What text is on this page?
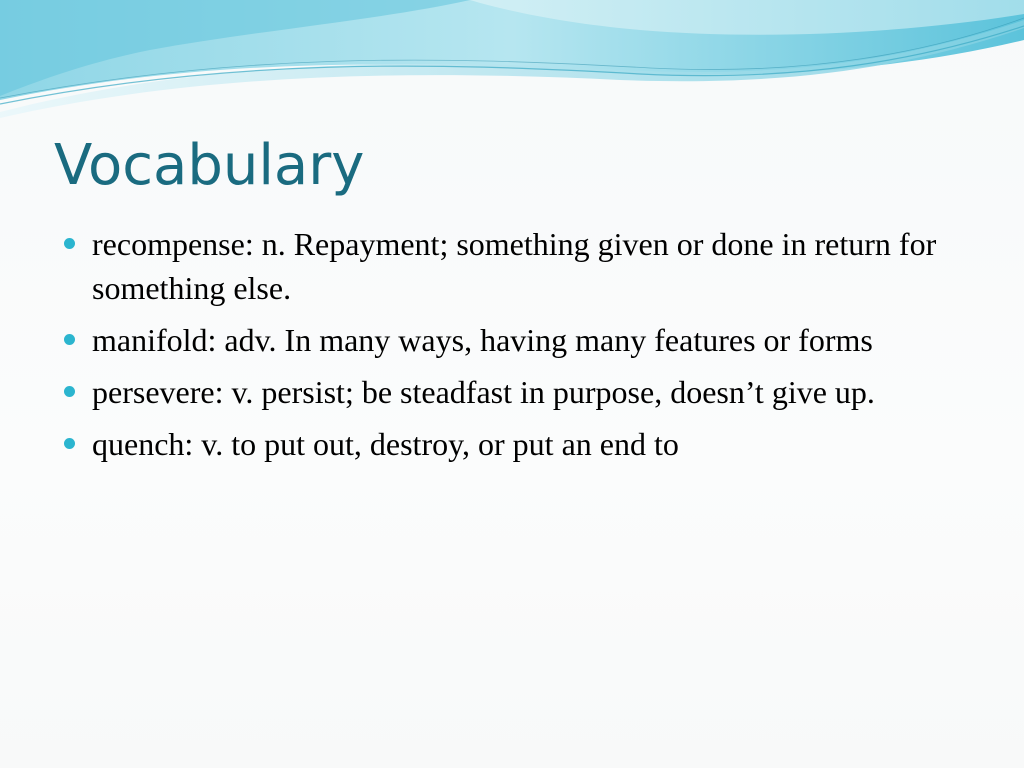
Vocabulary
recompense: n. Repayment; something given or done in return for something else.
manifold: adv. In many ways, having many features or forms
persevere: v. persist; be steadfast in purpose, doesn’t give up.
quench: v. to put out, destroy, or put an end to
